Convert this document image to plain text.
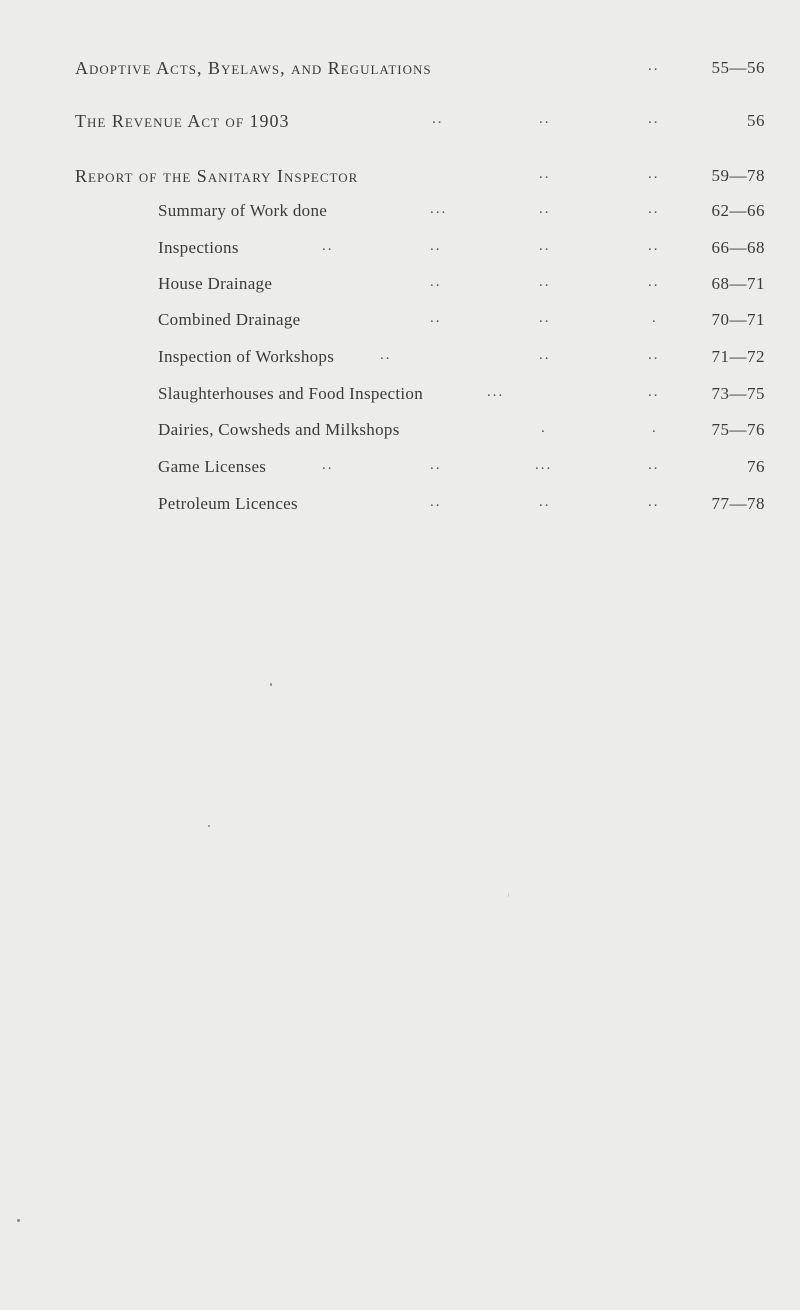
Adoptive Acts, Byelaws, and Regulations	..	55—56
The Revenue Act of 1903	..	..	..	56
Report of the Sanitary Inspector	..	..	59—78
Summary of Work done	...	..	..	62—66
Inspections	..	..	..	..	66—68
House Drainage	..	..	..	68—71
Combined Drainage	..	..	.	70—71
Inspection of Workshops	..	..	..	71—72
Slaughterhouses and Food Inspection	...	..	73—75
Dairies, Cowsheds and Milkshops	.	.	75—76
Game Licenses	..	..	...	..	76
Petroleum Licences	..	..	..	77—78
